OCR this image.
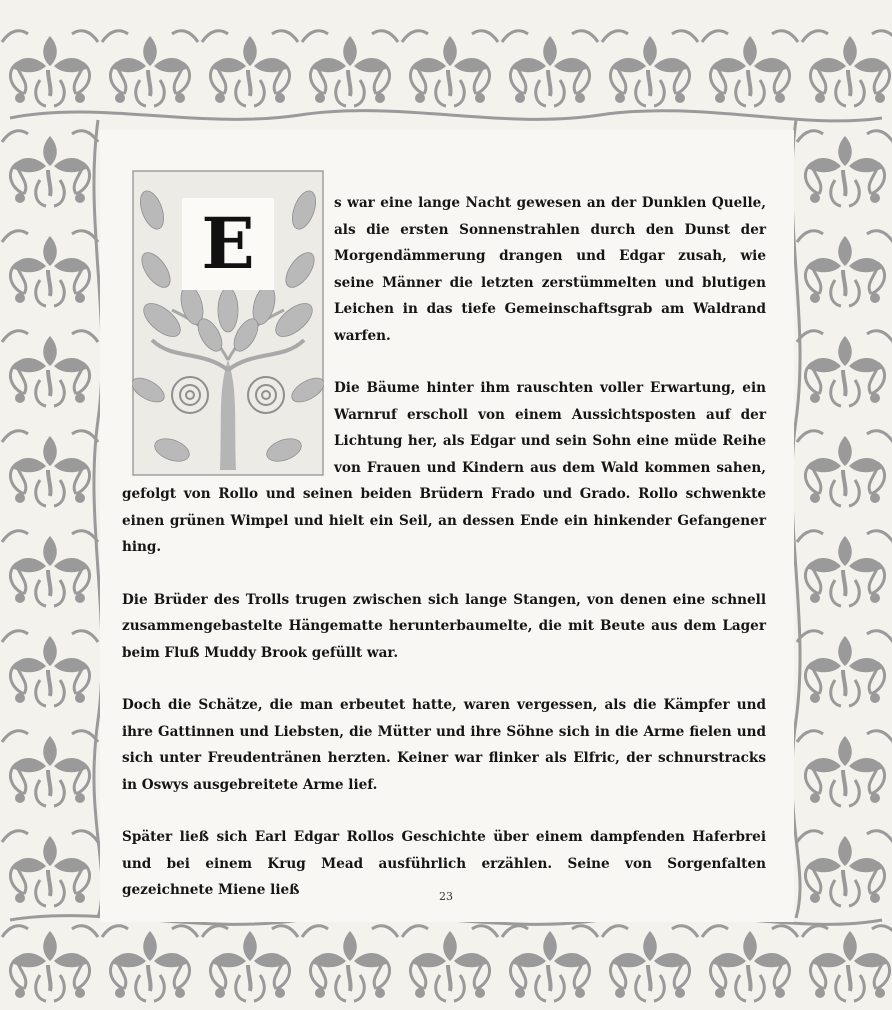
E	s war eine lange Nacht gewesen an der Dunklen Quelle, als die ersten Sonnenstrahlen durch den Dunst der Morgendämmerung drangen und Edgar zusah, wie seine Männer die letzten zerstümmelten und blutigen Leichen in das tiefe Gemeinschaftsgrab am Waldrand warfen.

Die Bäume hinter ihm rauschten voller Erwartung, ein Warnruf erscholl von einem Aussichtsposten auf der Lichtung her, als Edgar und sein Sohn eine müde Reihe von Frauen und Kindern aus dem Wald kommen sahen, gefolgt von Rollo und seinen beiden Brüdern Frado und Grado. Rollo schwenkte einen grünen Wimpel und hielt ein Seil, an dessen Ende ein hinkender Gefangener hing.

Die Brüder des Trolls trugen zwischen sich lange Stangen, von denen eine schnell zusammengebastelte Hängematte herunterbaumelte, die mit Beute aus dem Lager beim Fluß Muddy Brook gefüllt war.

Doch die Schätze, die man erbeutet hatte, waren vergessen, als die Kämpfer und ihre Gattinnen und Liebsten, die Mütter und ihre Söhne sich in die Arme fielen und sich unter Freudentränen herzten. Keiner war flinker als Elfric, der schnurstracks in Oswys ausgebreitete Arme lief.

Später ließ sich Earl Edgar Rollos Geschichte über einem dampfenden Haferbrei und bei einem Krug Mead ausführlich erzählen. Seine von Sorgenfalten gezeichnete Miene ließ	23
